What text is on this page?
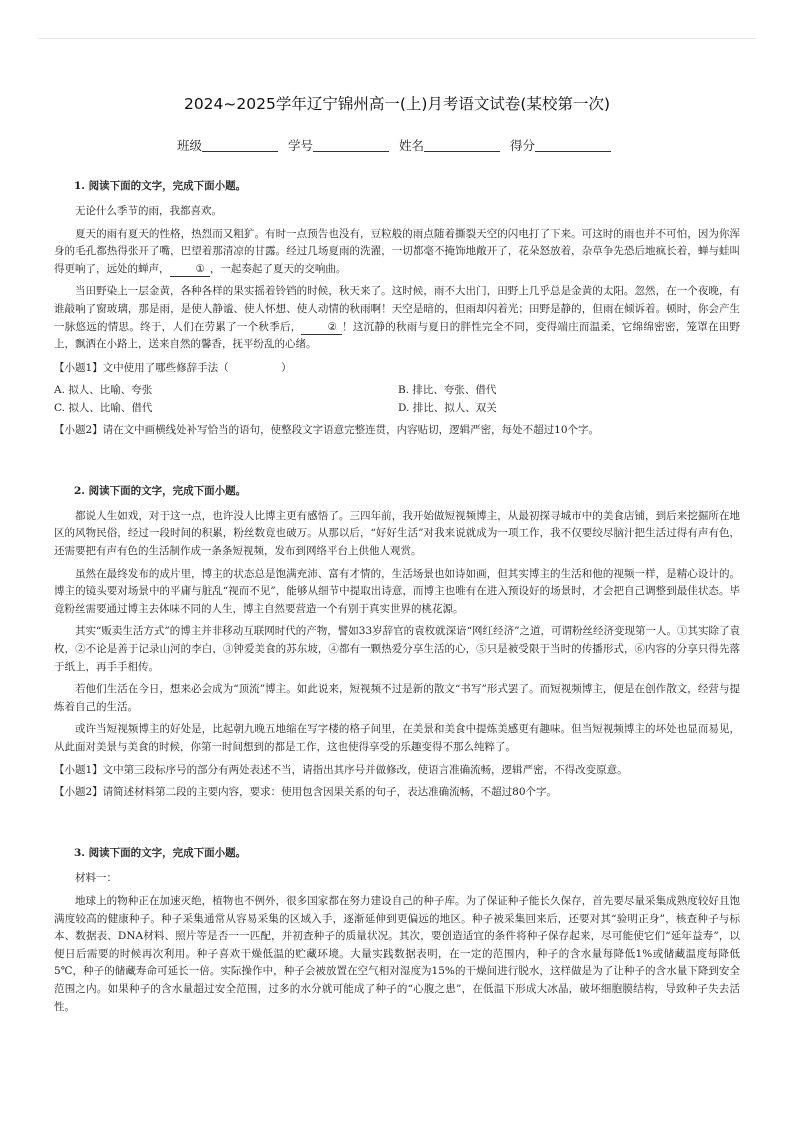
2024~2025学年辽宁锦州高一(上)月考语文试卷(某校第一次)
班级	学号	姓名	得分
1. 阅读下面的文字，完成下面小题。

无论什么季节的雨，我都喜欢。

夏天的雨有夏天的性格，热烈而又粗犷。有时一点预告也没有，豆粒般的雨点随着撕裂天空的闪电打了下来。可这时的雨也并不可怕，因为你浑身的毛孔都热得张开了嘴，巴望着那清凉的甘露。经过几场夏雨的洗濯，一切都毫不掩饰地敞开了，花朵怒放着，杂草争先恐后地疯长着，蝉与蛙叫得更响了，远处的蝉声， ① ，一起奏起了夏天的交响曲。

当田野染上一层金黄，各种各样的果实摇着铃铛的时候，秋天来了。这时候，雨不大出门，田野上几乎总是金黄的太阳。忽然，在一个夜晚，有谁敲响了窗玻璃，那是雨，是使人静谧、使人怀想、使人动情的秋雨啊！天空是暗的，但雨却闪着光；田野是静的，但雨在倾诉着。顿时，你会产生一脉悠远的情思。终于，人们在劳累了一个秋季后， ② ！这沉静的秋雨与夏日的胖性完全不同，变得端庄而温柔，它绵绵密密，笼罩在田野上，飘洒在小路上，送来自然的馨香，抚平纷乱的心绪。

【小题1】文中使用了哪些修辞手法（　　　　　）
A. 拟人、比喻、夸张	B. 排比、夸张、借代
C. 拟人、比喻、借代	D. 排比、拟人、双关
【小题2】请在文中画横线处补写恰当的语句，使整段文字语意完整连贯，内容贴切，逻辑严密，每处不超过10个字。
2. 阅读下面的文字，完成下面小题。

都说人生如戏，对于这一点，也许没人比博主更有感悟了。三四年前，我开始做短视频博主，从最初探寻城市中的美食店铺，到后来挖掘所在地区的风物民俗，经过一段时间的积累，粉丝数竟也破万。从那以后，“好好生活”对我来说就成为一项工作，我不仅要绞尽脑汁把生活过得有声有色，还需要把有声有色的生活制作成一条条短视频，发布到网络平台上供他人观赏。

虽然在最终发布的成片里，博主的状态总是饱满充沛、富有才情的，生活场景也如诗如画，但其实博主的生活和他的视频一样，是精心设计的。博主的镜头要对场景中的平庸与脏乱“视而不见”，能够从细节中提取出诗意，而博主也唯有在进入预设好的场景时，才会把自己调整到最佳状态。毕竟粉丝需要通过博主去体味不同的人生，博主自然要营造一个有别于真实世界的桃花源。

其实“贩卖生活方式”的博主并非移动互联网时代的产物，譬如33岁辞官的袁枚就深谙“网红经济”之道，可谓粉丝经济变现第一人。①其实除了袁枚，②不论是善于记录山河的李白，③钟爱美食的苏东坡，④都有一颗热爱分享生活的心，⑤只是被受限于当时的传播形式，⑥内容的分享只得先落于纸上，再手手相传。

若他们生活在今日，想来必会成为“顶流”博主。如此说来，短视频不过是新的散文“书写”形式罢了。而短视频博主，便是在创作散文，经营与提炼着自己的生活。

或许当短视频博主的好处是，比起朝九晚五地缩在写字楼的格子间里，在美景和美食中提炼美感更有趣味。但当短视频博主的坏处也显而易见，从此面对美景与美食的时候，你第一时间想到的都是工作，这也使得享受的乐趣变得不那么纯粹了。

【小题1】文中第三段标序号的部分有两处表述不当，请指出其序号并做修改，使语言准确流畅，逻辑严密，不得改变原意。
【小题2】请简述材料第二段的主要内容，要求：使用包含因果关系的句子，表达准确流畅，不超过80个字。
3. 阅读下面的文字，完成下面小题。

材料一：

地球上的物种正在加速灭绝，植物也不例外，很多国家都在努力建设自己的种子库。为了保证种子能长久保存，首先要尽量采集成熟度较好且饱满度较高的健康种子。种子采集通常从容易采集的区域入手，逐渐延伸到更偏远的地区。种子被采集回来后，还要对其“验明正身”，核查种子与标本、数据表、DNA材料、照片等是否一一匹配，并初查种子的质量状况。其次，要创造适宜的条件将种子保存起来，尽可能使它们“延年益寿”，以便日后需要的时候再次利用。种子喜欢干燥低温的贮藏环境。大量实践数据表明，在一定的范围内，种子的含水量每降低1%或储藏温度每降低5℃，种子的储藏寿命可延长一倍。实际操作中，种子会被放置在空气相对湿度为15%的干燥间进行脱水，这样做是为了让种子的含水量下降到安全范围之内。如果种子的含水量超过安全范围，过多的水分就可能成了种子的“心腹之患”，在低温下形成大冰晶，破坏细胞膜结构，导致种子失去活性。
